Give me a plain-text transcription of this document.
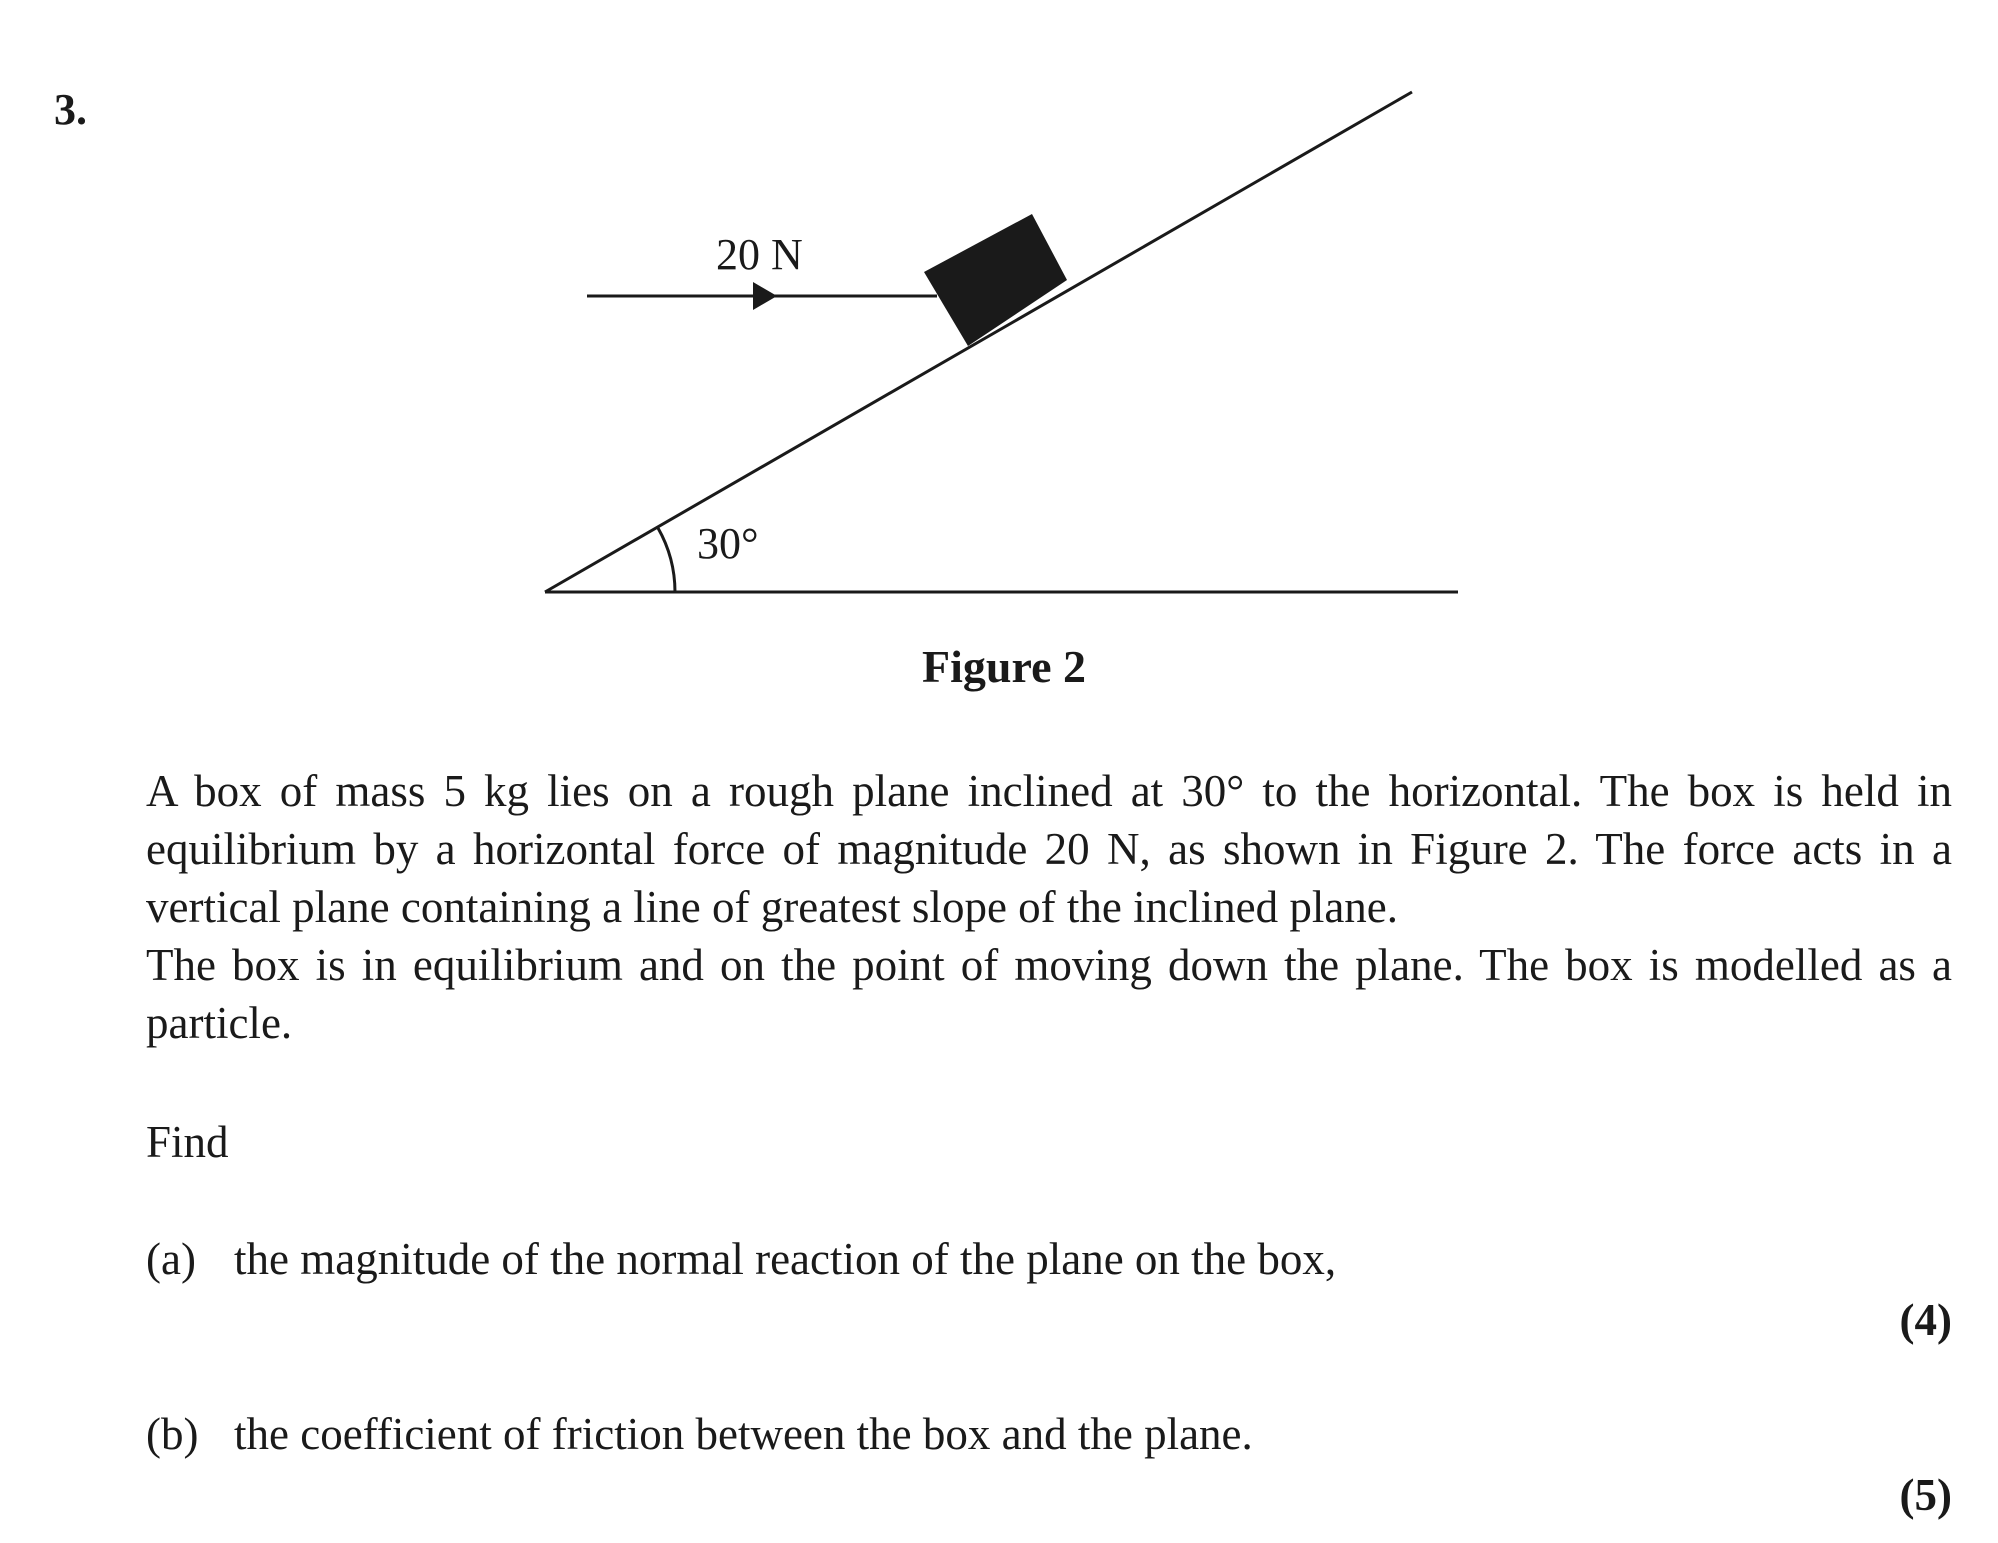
3.
20 N
30°
Figure 2
A box of mass 5 kg lies on a rough plane inclined at 30° to the horizontal. The box is held in equilibrium by a horizontal force of magnitude 20 N, as shown in Figure 2. The force acts in a vertical plane containing a line of greatest slope of the inclined plane.
The box is in equilibrium and on the point of moving down the plane. The box is modelled as a particle.
Find
(a) the magnitude of the normal reaction of the plane on the box,
(4)
(b) the coefficient of friction between the box and the plane.
(5)
